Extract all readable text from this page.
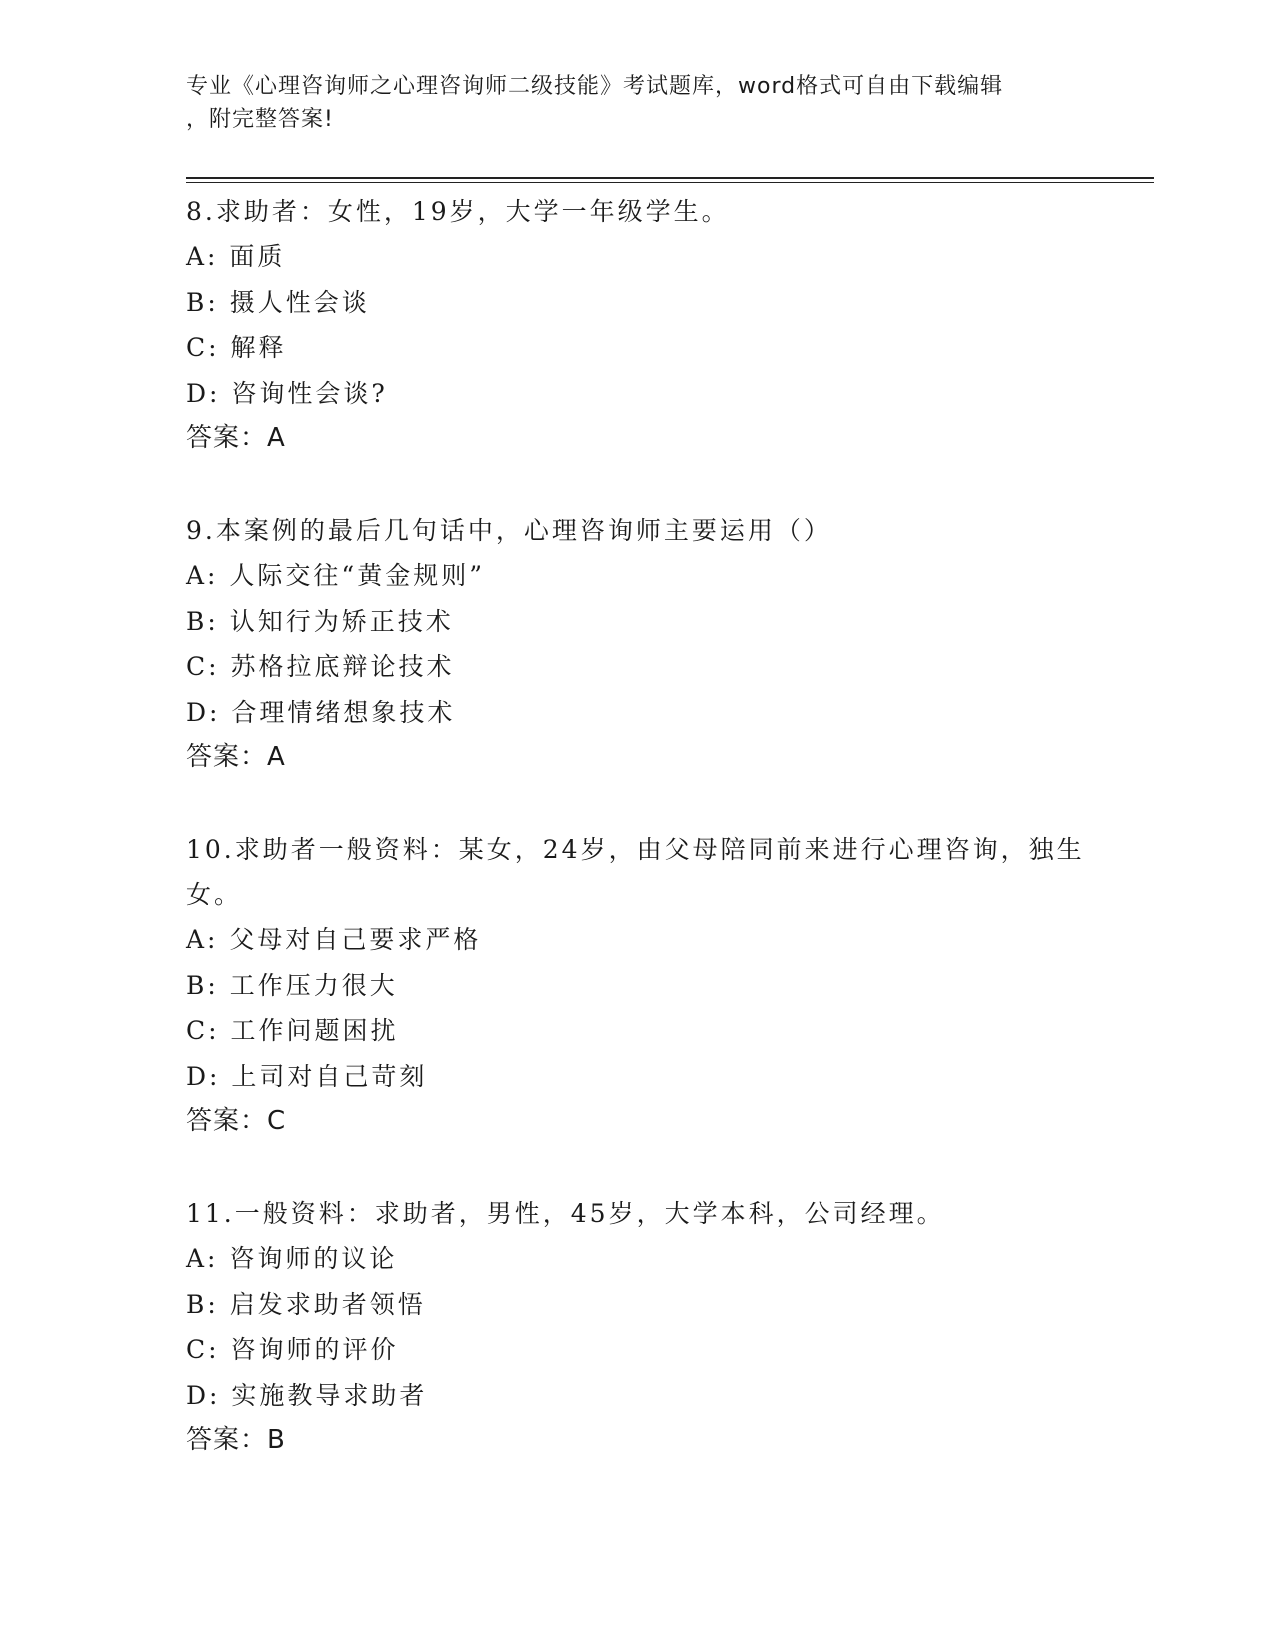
专业《心理咨询师之心理咨询师二级技能》考试题库，word格式可自由下载编辑
，附完整答案!
8.求助者：女性，19岁，大学一年级学生。
A: 面质
B: 摄人性会谈
C: 解释
D: 咨询性会谈?
答案：A
9.本案例的最后几句话中，心理咨询师主要运用（）
A: 人际交往“黄金规则”
B: 认知行为矫正技术
C: 苏格拉底辩论技术
D: 合理情绪想象技术
答案：A
10.求助者一般资料：某女，24岁，由父母陪同前来进行心理咨询，独生女。
A: 父母对自己要求严格
B: 工作压力很大
C: 工作问题困扰
D: 上司对自己苛刻
答案：C
11.一般资料：求助者，男性，45岁，大学本科，公司经理。
A: 咨询师的议论
B: 启发求助者领悟
C: 咨询师的评价
D: 实施教导求助者
答案：B
